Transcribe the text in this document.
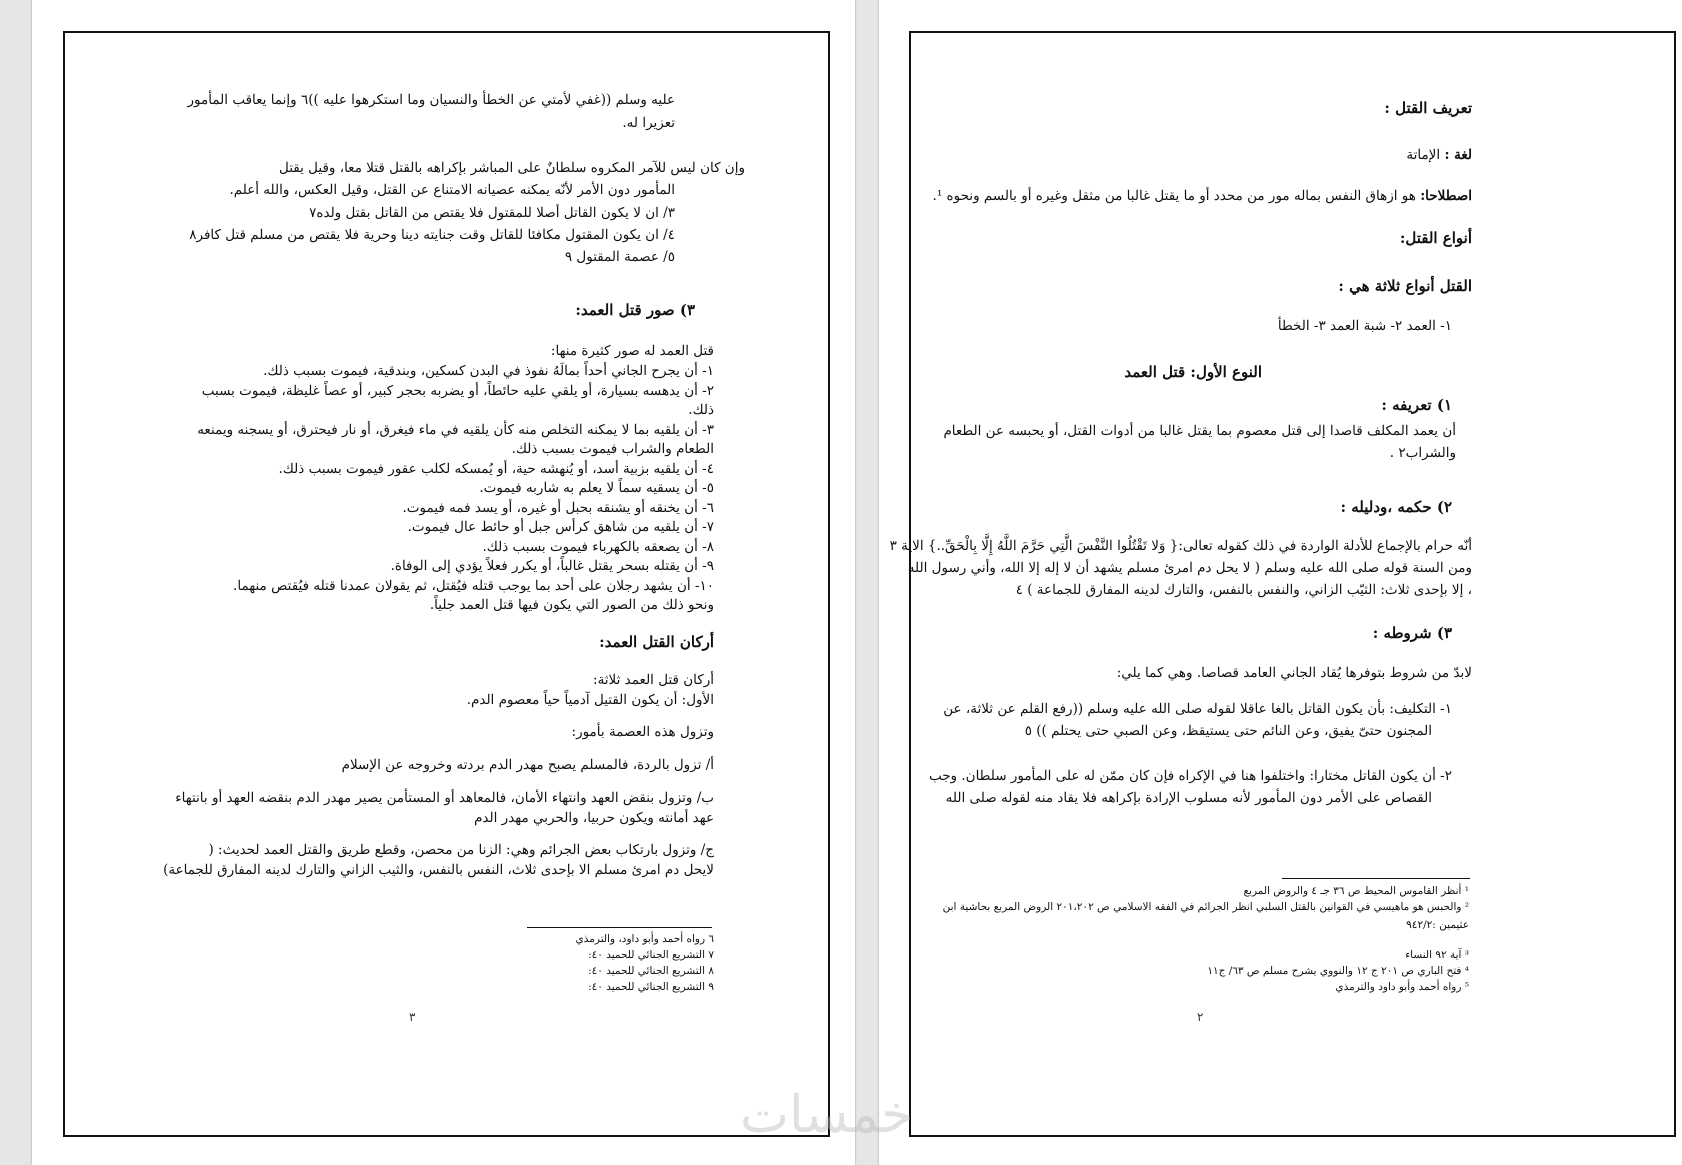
عليه وسلم ((غفي لأمتي عن الخطأ والنسيان وما استكرهوا عليه ))٦ وإنما يعاقب المأمور
تعزيرا له.
وإن كان ليس للآمر المكروه سلطانٌ على المباشر بإكراهه بالقتل قتلا معا، وقيل يقتل
المأمور دون الأمر لأنّه يمكنه عصيانه الامتناع عن القتل، وقيل العكس، والله أعلم.
٣/ ان لا يكون القاتل أصلا للمقتول فلا يقتص من القاتل بقتل ولده٧
٤/ ان يكون المقتول مكافئا للقاتل وقت جنايته دينا وحرية فلا يقتص من مسلم قتل كافر٨
٥/ عصمة المقتول ٩
٣) صور قتل العمد:
قتل العمد له صور كثيرة منها:
١- أن يجرح الجاني أحداً بمالَهُ نفوذ في البدن كسكين، وبندقية، فيموت بسبب ذلك.
٢- أن يدهسه بسيارة، أو يلقي عليه حائطاً، أو يضربه بحجر كبير، أو عصاً غليظة، فيموت بسبب
ذلك.
٣- أن يلقيه بما لا يمكنه التخلص منه كأن يلقيه في ماء فيغرق، أو نار فيحترق، أو يسجنه ويمنعه
الطعام والشراب فيموت بسبب ذلك.
٤- أن يلقيه بزبية أسد، أو يُنهشه حية، أو يُمسكه لكلب عقور فيموت بسبب ذلك.
٥- أن يسقيه سماً لا يعلم به شاربه فيموت.
٦- أن يخنقه أو يشنقه بحبل أو غيره، أو يسد فمه فيموت.
٧- أن يلقيه من شاهق كرأس جبل أو حائط عال فيموت.
٨- أن يصعقه بالكهرباء فيموت بسبب ذلك.
٩- أن يقتله بسحر يقتل غالباً، أو يكرر فعلاً يؤدي إلى الوفاة.
١٠- أن يشهد رجلان على أحد بما يوجب قتله فيُقتل، ثم يقولان عمدنا قتله فيُقتص منهما.
ونحو ذلك من الصور التي يكون فيها قتل العمد جلياً.
أركان القتل العمد:
أركان قتل العمد ثلاثة:
الأول: أن يكون القتيل آدمياً حياً معصوم الدم.
وتزول هذه العصمة بأمور:
أ/ تزول بالردة، فالمسلم يصبح مهدر الدم بردته وخروجه عن الإسلام
ب/ وتزول بنقض العهد وانتهاء الأمان، فالمعاهد أو المستأمن يصير مهدر الدم بنقضه العهد أو بانتهاء
عهد أمانته ويكون حربيا، والحربي مهدر الدم
ج/ وتزول بارتكاب بعض الجرائم وهي: الزنا من محصن، وقطع طريق والقتل العمد لحديث: (
لايحل دم امرئ مسلم الا بإحدى ثلاث، النفس بالنفس، والثيب الزاني والتارك لدينه المفارق للجماعة)
٦ رواه أحمد وأبو داود، والترمذي
٧ التشريع الجنائي للحميد ٤٠:
٨ التشريع الجنائي للحميد ٤٠:
٩ التشريع الجنائي للحميد ٤٠:
٣
تعريف القتل :
لغة : الإماتة
اصطلاحا: هو ازهاق النفس بماله مور من محدد أو ما يقتل غالبا من مثقل وغيره أو بالسم ونحوه ¹.
أنواع القتل:
القتل أنواع ثلاثة هي :
١- العمد ٢- شبة العمد ٣- الخطأ
النوع الأول: قتل العمد
١) تعريفه :
أن يعمد المكلف قاصدا إلى قتل معصوم بما يقتل غالبا من أدوات القتل، أو يحبسه عن الطعام
والشراب٢ .
٢) حكمه ،ودليله :
أنّه حرام بالإجماع للأدلة الواردة في ذلك كقوله تعالى:{ وَلا تَقْتُلُوا النَّفْسَ الَّتِي حَرَّمَ اللَّهُ إِلَّا بِالْحَقِّ..} الاية ٣
ومن السنة قوله صلى الله عليه وسلم ( لا يحل دم امرئ مسلم يشهد أن لا إله إلا الله، وأني رسول الله
، إلا بإحدى ثلاث: الثيّب الزاني، والنفس بالنفس، والتارك لدينه المفارق للجماعة ) ٤
٣) شروطه :
لابدّ من شروط بتوفرها يُقاد الجاني العامد قصاصا. وهي كما يلي:
١- التكليف: بأن يكون القاتل بالغا عاقلا لقوله صلى الله عليه وسلم ((رفع القلم عن ثلاثة، عن
المجنون حتىّ يفيق، وعن النائم حتى يستيقظ، وعن الصبي حتى يحتلم )) ٥
٢- أن يكون القاتل مختارا: واختلفوا هنا في الإكراه فإن كان ممّن له على المأمور سلطان. وجب
القصاص على الأمر دون المأمور لأنه مسلوب الإرادة بإكراهه فلا يقاد منه لقوله صلى الله
¹ أنظر القاموس المحيط ص ٣٦ جـ ٤ والروض المربع
² والحبس هو ماهيسي في القوانين بالقتل السلبي انظر الجرائم في الفقه الاسلامي ص ٢٠١،٢٠٢ الروض المربع بحاشية ابن
عثيمين :٩٤٢/٢
³ آية ٩٢ النساء
⁴ فتح الباري ص ٢٠١ ج ١٢ والنووي يشرح مسلم ص ٦٣/ ج١١
⁵ رواه أحمد وأبو داود والترمذي
٢
خمسات
